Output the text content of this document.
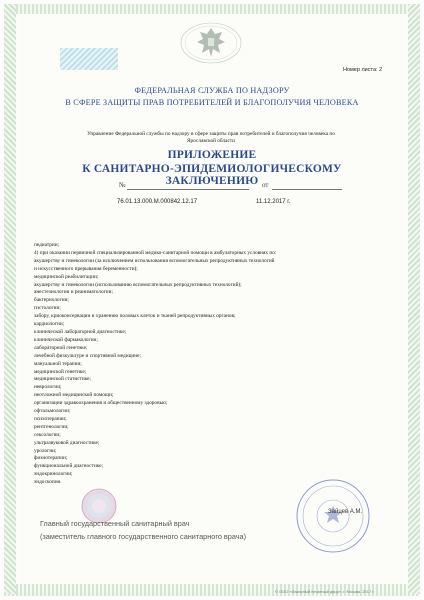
Номер листа: 2
ФЕДЕРАЛЬНАЯ СЛУЖБА ПО НАДЗОРУ
В СФЕРЕ ЗАЩИТЫ ПРАВ ПОТРЕБИТЕЛЕЙ И БЛАГОПОЛУЧИЯ ЧЕЛОВЕКА
Управление Федеральной службы по надзору в сфере защиты прав потребителей и благополучия человека по
Ярославской области
ПРИЛОЖЕНИЕ
К САНИТАРНО-ЭПИДЕМИОЛОГИЧЕСКОМУ ЗАКЛЮЧЕНИЮ
№	от
76.01.13.000.М.000842.12.17	11.12.2017 г.
педиатрии;
4) при оказании первичной специализированной медико-санитарной помощи в амбулаторных условиях по:
акушерству и гинекологии (за исключением использования вспомогательных репродуктивных технологий
и искусственного прерывания беременности);
медицинской реабилитации;
акушерству и гинекологии (использованию вспомогательных репродуктивных технологий);
анестезиологии и реаниматологии;
бактериологии;
гистологии;
забору, криоконсервации и хранению половых клеток и тканей репродуктивных органов;
кардиологии;
клинической лабораторной диагностике;
клинической фармакологии;
лабораторной генетике;
лечебной физкультуре и спортивной медицине;
мануальной терапии;
медицинской генетике;
медицинской статистике;
неврологии;
неотложной медицинской помощи;
организации здравоохранения и общественному здоровью;
офтальмологии;
психотерапии;
рентгенологии;
сексологии;
ультразвуковой диагностике;
урологии;
физиотерапии;
функциональной диагностике;
эндокринологии;
эндоскопии.
Главный государственный санитарный врач
(заместитель главного государственного санитарного врача)
Зайцев А.М.
© ООО «Лазерный печатный двор», г. Москва, 2017 г.
